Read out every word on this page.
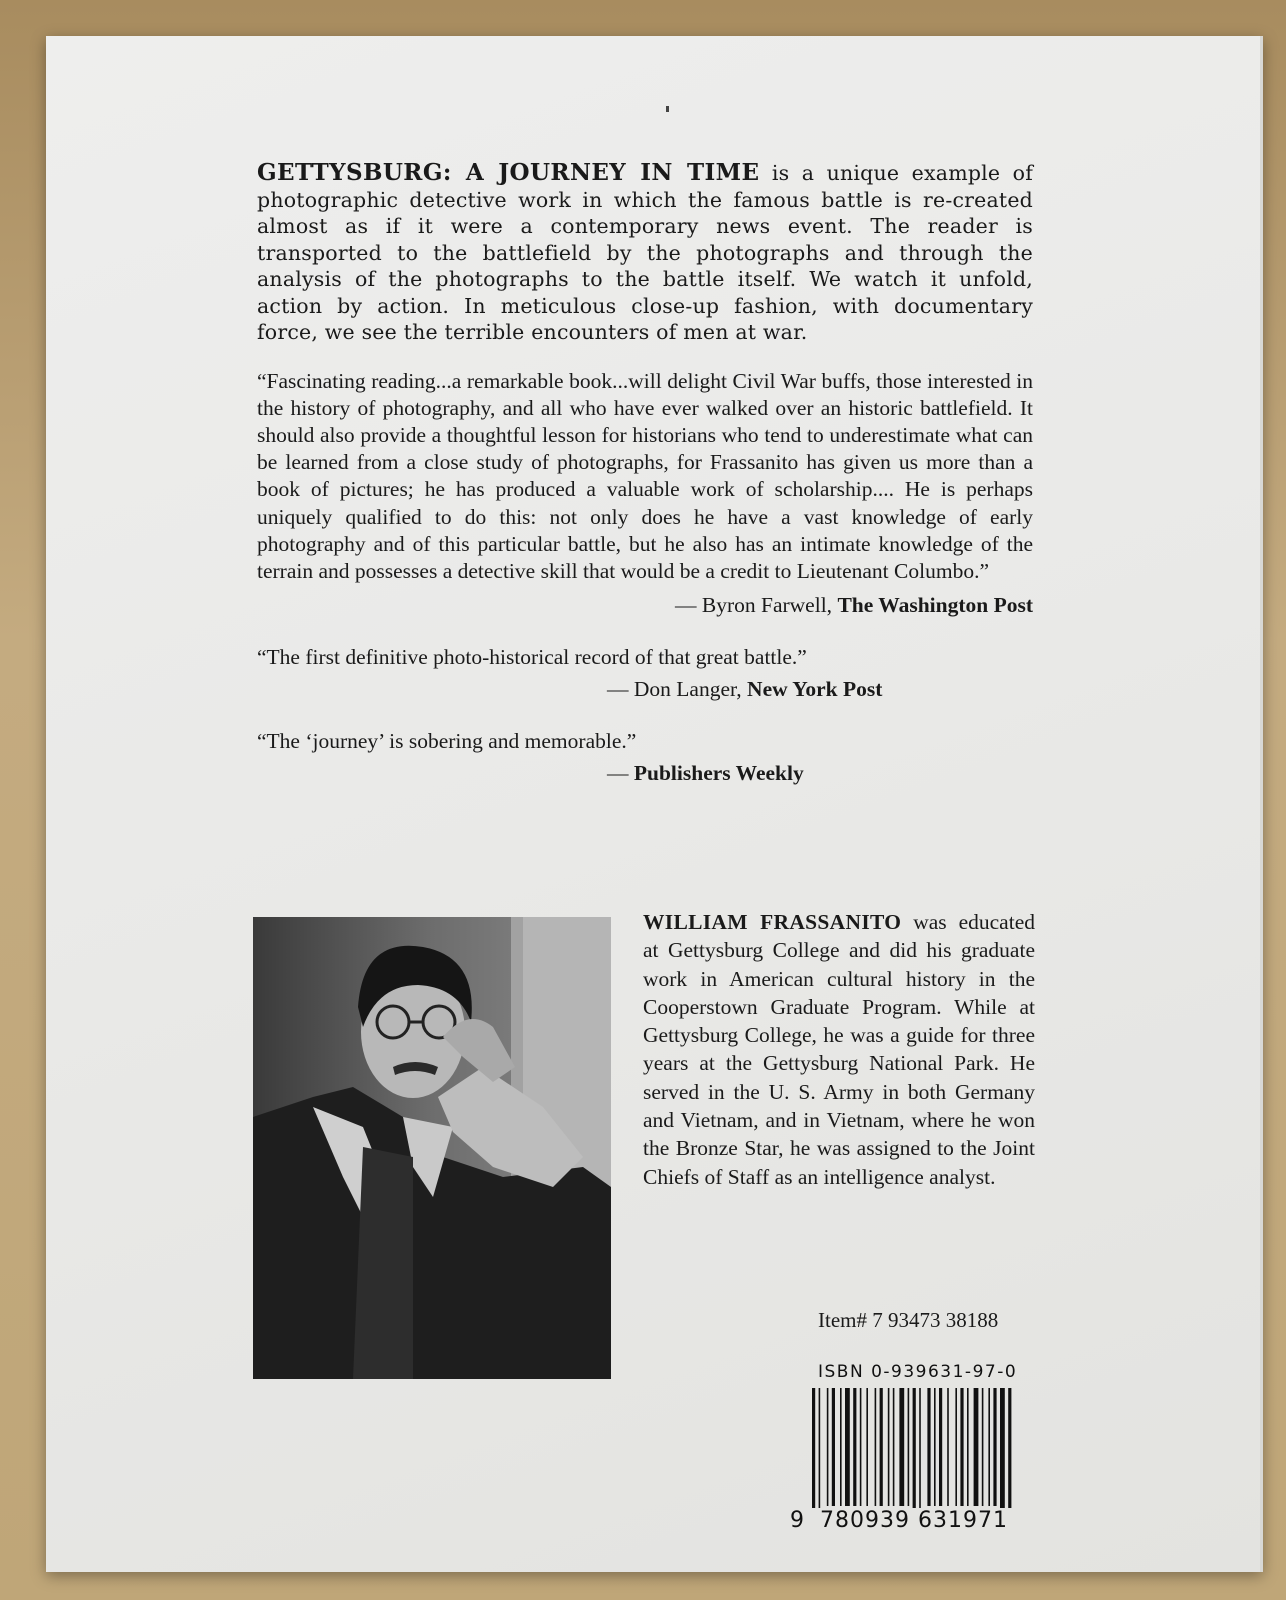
GETTYSBURG: A JOURNEY IN TIME is a unique example of photographic detective work in which the famous battle is re-created almost as if it were a contemporary news event. The reader is transported to the battlefield by the photographs and through the analysis of the photographs to the battle itself. We watch it unfold, action by action. In meticulous close-up fashion, with documentary force, we see the terrible encounters of men at war.

“Fascinating reading...a remarkable book...will delight Civil War buffs, those interested in the history of photography, and all who have ever walked over an historic battlefield. It should also provide a thoughtful lesson for historians who tend to underestimate what can be learned from a close study of photographs, for Frassanito has given us more than a book of pictures; he has produced a valuable work of scholarship.... He is perhaps uniquely qualified to do this: not only does he have a vast knowledge of early photography and of this particular battle, but he also has an intimate knowledge of the terrain and possesses a detective skill that would be a credit to Lieutenant Columbo.”

— Byron Farwell, The Washington Post
“The first definitive photo-historical record of that great battle.”
— Don Langer, New York Post
“The ‘journey’ is sobering and memorable.”
— Publishers Weekly

WILLIAM FRASSANITO was educated at Gettysburg College and did his graduate work in American cultural history in the Cooperstown Graduate Program. While at Gettysburg College, he was a guide for three years at the Gettysburg National Park. He served in the U. S. Army in both Germany and Vietnam, and in Vietnam, where he won the Bronze Star, he was assigned to the Joint Chiefs of Staff as an intelligence analyst.

Item# 7 93473 38188
ISBN 0-939631-97-0
9 780939 631971
